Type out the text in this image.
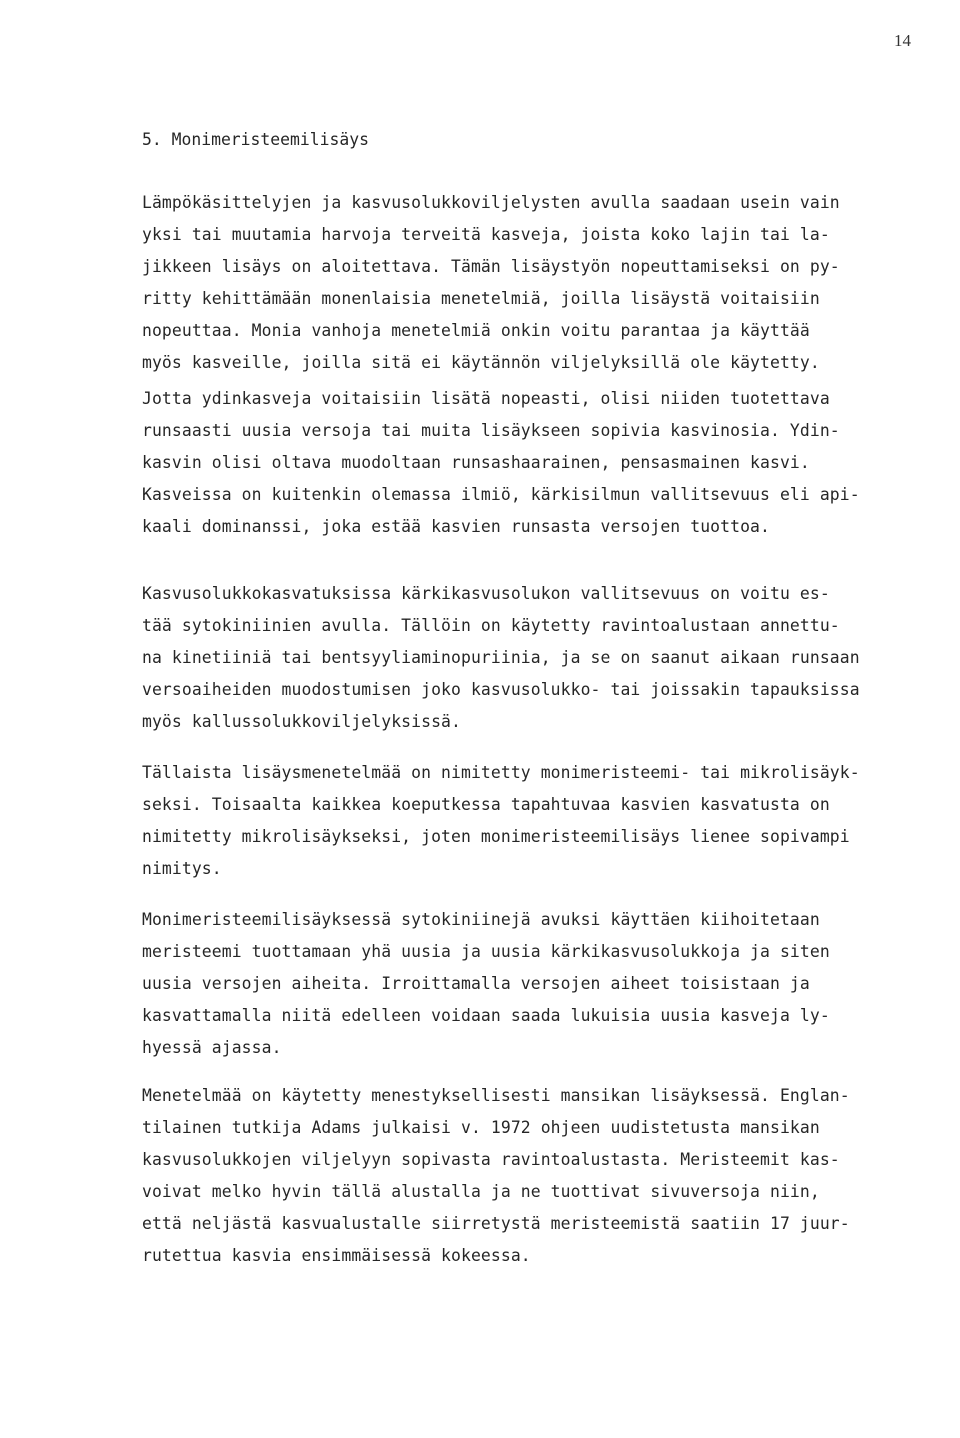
14
5. Monimeristeemilisäys
Lämpökäsittelyjen ja kasvusolukkoviljelysten avulla saadaan usein vain
yksi tai muutamia harvoja terveitä kasveja, joista koko lajin tai la-
jikkeen lisäys on aloitettava. Tämän lisäystyön nopeuttamiseksi on py-
ritty kehittämään monenlaisia menetelmiä, joilla lisäystä voitaisiin
nopeuttaa. Monia vanhoja menetelmiä onkin voitu parantaa ja käyttää
myös kasveille, joilla sitä ei käytännön viljelyksillä ole käytetty.
Jotta ydinkasveja voitaisiin lisätä nopeasti, olisi niiden tuotettava
runsaasti uusia versoja tai muita lisäykseen sopivia kasvinosia. Ydin-
kasvin olisi oltava muodoltaan runsashaarainen, pensasmainen kasvi.
Kasveissa on kuitenkin olemassa ilmiö, kärkisilmun vallitsevuus eli api-
kaali dominanssi, joka estää kasvien runsasta versojen tuottoa.
Kasvusolukkokasvatuksissa kärkikasvusolukon vallitsevuus on voitu es-
tää sytokiniinien avulla. Tällöin on käytetty ravintoalustaan annettu-
na kinetiiniä tai bentsyyliaminopuriinia, ja se on saanut aikaan runsaan
versoaiheiden muodostumisen joko kasvusolukko- tai joissakin tapauksissa
myös kallussolukkoviljelyksissä.
Tällaista lisäysmenetelmää on nimitetty monimeristeemi- tai mikrolisäyk-
seksi. Toisaalta kaikkea koeputkessa tapahtuvaa kasvien kasvatusta on
nimitetty mikrolisäykseksi, joten monimeristeemilisäys lienee sopivampi
nimitys.
Monimeristeemilisäyksessä sytokiniinejä avuksi käyttäen kiihoitetaan
meristeemi tuottamaan yhä uusia ja uusia kärkikasvusolukkoja ja siten
uusia versojen aiheita. Irroittamalla versojen aiheet toisistaan ja
kasvattamalla niitä edelleen voidaan saada lukuisia uusia kasveja ly-
hyessä ajassa.
Menetelmää on käytetty menestyksellisesti mansikan lisäyksessä. Englan-
tilainen tutkija Adams julkaisi v. 1972 ohjeen uudistetusta mansikan
kasvusolukkojen viljelyyn sopivasta ravintoalustasta. Meristeemit kas-
voivat melko hyvin tällä alustalla ja ne tuottivat sivuversoja niin,
että neljästä kasvualustalle siirretystä meristeemistä saatiin 17 juur-
rutettua kasvia ensimmäisessä kokeessa.
